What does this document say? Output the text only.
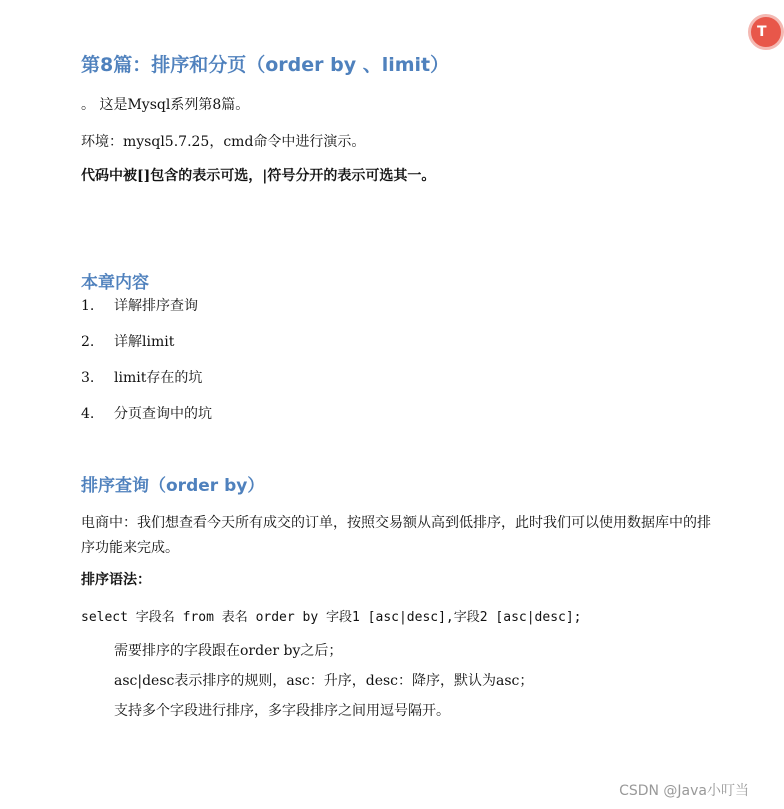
T
第8篇：排序和分页（order by 、limit）
。 这是Mysql系列第8篇。
环境：mysql5.7.25，cmd命令中进行演示。
代码中被[]包含的表示可选，|符号分开的表示可选其一。
本章内容
1. 详解排序查询
2. 详解limit
3. limit存在的坑
4. 分页查询中的坑
排序查询（order by）
电商中：我们想查看今天所有成交的订单，按照交易额从高到低排序，此时我们可以使用数据库中的排序功能来完成。
排序语法：
select 字段名 from 表名 order by 字段1 [asc|desc],字段2 [asc|desc];
需要排序的字段跟在order by之后；
asc|desc表示排序的规则，asc：升序，desc：降序，默认为asc；
支持多个字段进行排序，多字段排序之间用逗号隔开。
CSDN @Java小叮当
